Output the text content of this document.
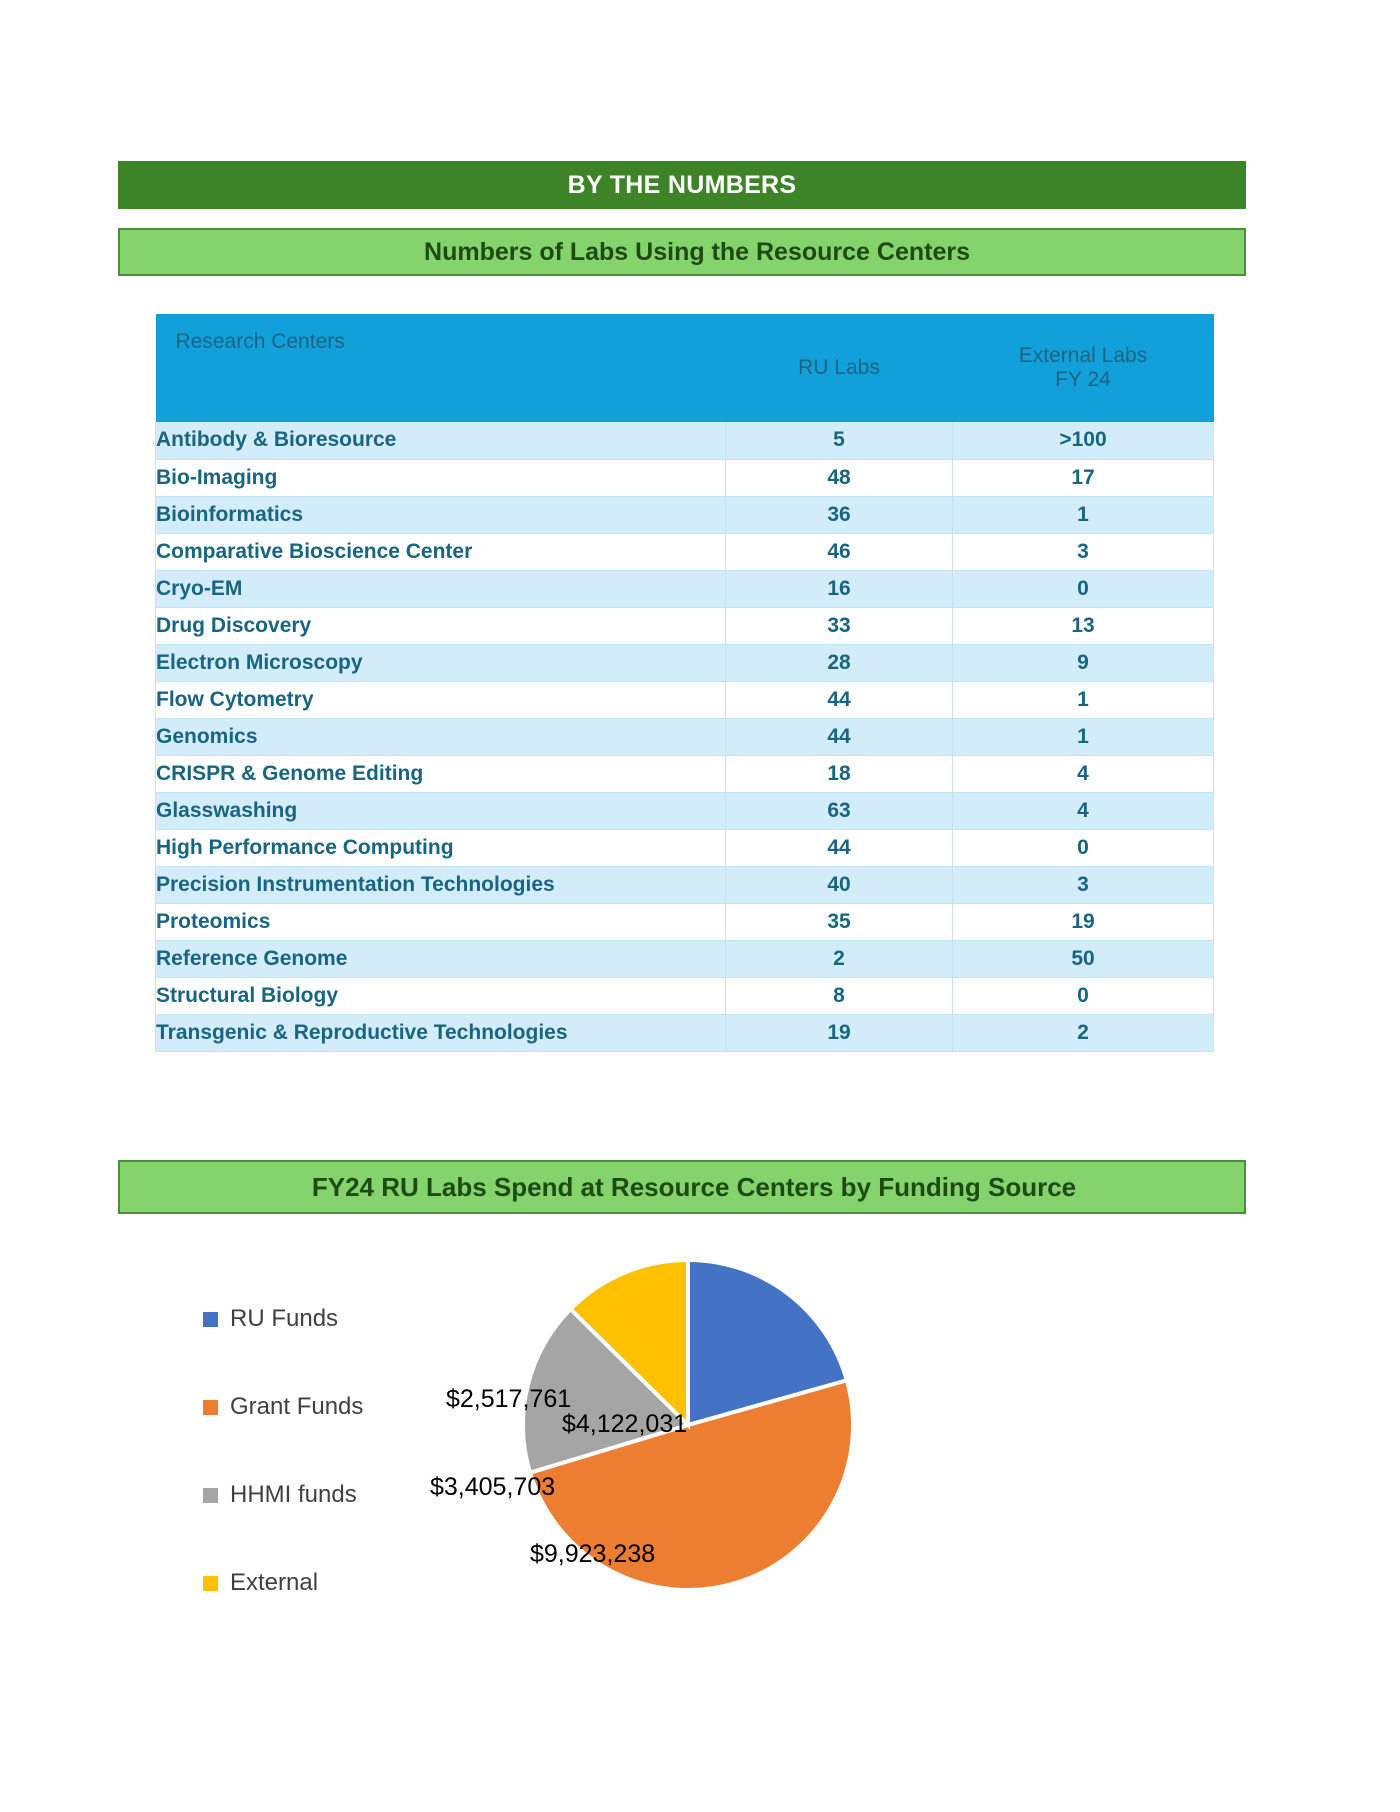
BY THE NUMBERS
Numbers of Labs Using the Resource Centers
Research Centers	RU Labs	External Labs
FY 24

Antibody & Bioresource	5	>100
Bio-Imaging	48	17
Bioinformatics	36	1
Comparative Bioscience Center	46	3
Cryo-EM	16	0
Drug Discovery	33	13
Electron Microscopy	28	9
Flow Cytometry	44	1
Genomics	44	1
CRISPR & Genome Editing	18	4
Glasswashing	63	4
High Performance Computing	44	0
Precision Instrumentation Technologies	40	3
Proteomics	35	19
Reference Genome	2	50
Structural Biology	8	0
Transgenic & Reproductive Technologies	19	2
FY24 RU Labs Spend at Resource Centers by Funding Source
RU Funds
Grant Funds
HHMI funds
External
$4,122,031
$9,923,238
$3,405,703
$2,517,761
